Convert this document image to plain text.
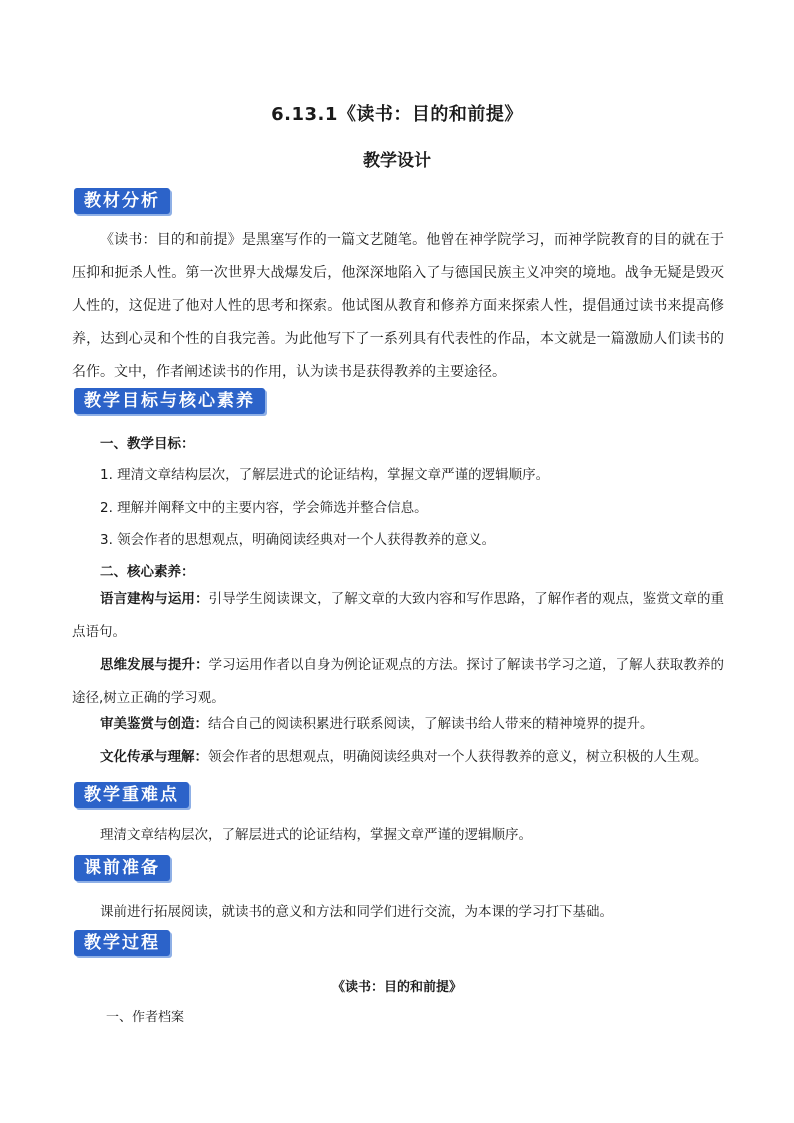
6.13.1《读书：目的和前提》
教学设计
教材分析
《读书：目的和前提》是黑塞写作的一篇文艺随笔。他曾在神学院学习，而神学院教育的目的就在于压抑和扼杀人性。第一次世界大战爆发后，他深深地陷入了与德国民族主义冲突的境地。战争无疑是毁灭人性的，这促进了他对人性的思考和探索。他试图从教育和修养方面来探索人性，提倡通过读书来提高修养，达到心灵和个性的自我完善。为此他写下了一系列具有代表性的作品，本文就是一篇激励人们读书的名作。文中，作者阐述读书的作用，认为读书是获得教养的主要途径。
教学目标与核心素养
一、教学目标：
1. 理清文章结构层次，了解层进式的论证结构，掌握文章严谨的逻辑顺序。
2. 理解并阐释文中的主要内容，学会筛选并整合信息。
3. 领会作者的思想观点，明确阅读经典对一个人获得教养的意义。
二、核心素养：
语言建构与运用：引导学生阅读课文，了解文章的大致内容和写作思路，了解作者的观点，鉴赏文章的重点语句。
思维发展与提升：学习运用作者以自身为例论证观点的方法。探讨了解读书学习之道，了解人获取教养的途径,树立正确的学习观。
审美鉴赏与创造：结合自己的阅读积累进行联系阅读，了解读书给人带来的精神境界的提升。
文化传承与理解：领会作者的思想观点，明确阅读经典对一个人获得教养的意义，树立积极的人生观。
教学重难点
理清文章结构层次，了解层进式的论证结构，掌握文章严谨的逻辑顺序。
课前准备
课前进行拓展阅读，就读书的意义和方法和同学们进行交流，为本课的学习打下基础。
教学过程
《读书：目的和前提》
一、作者档案
